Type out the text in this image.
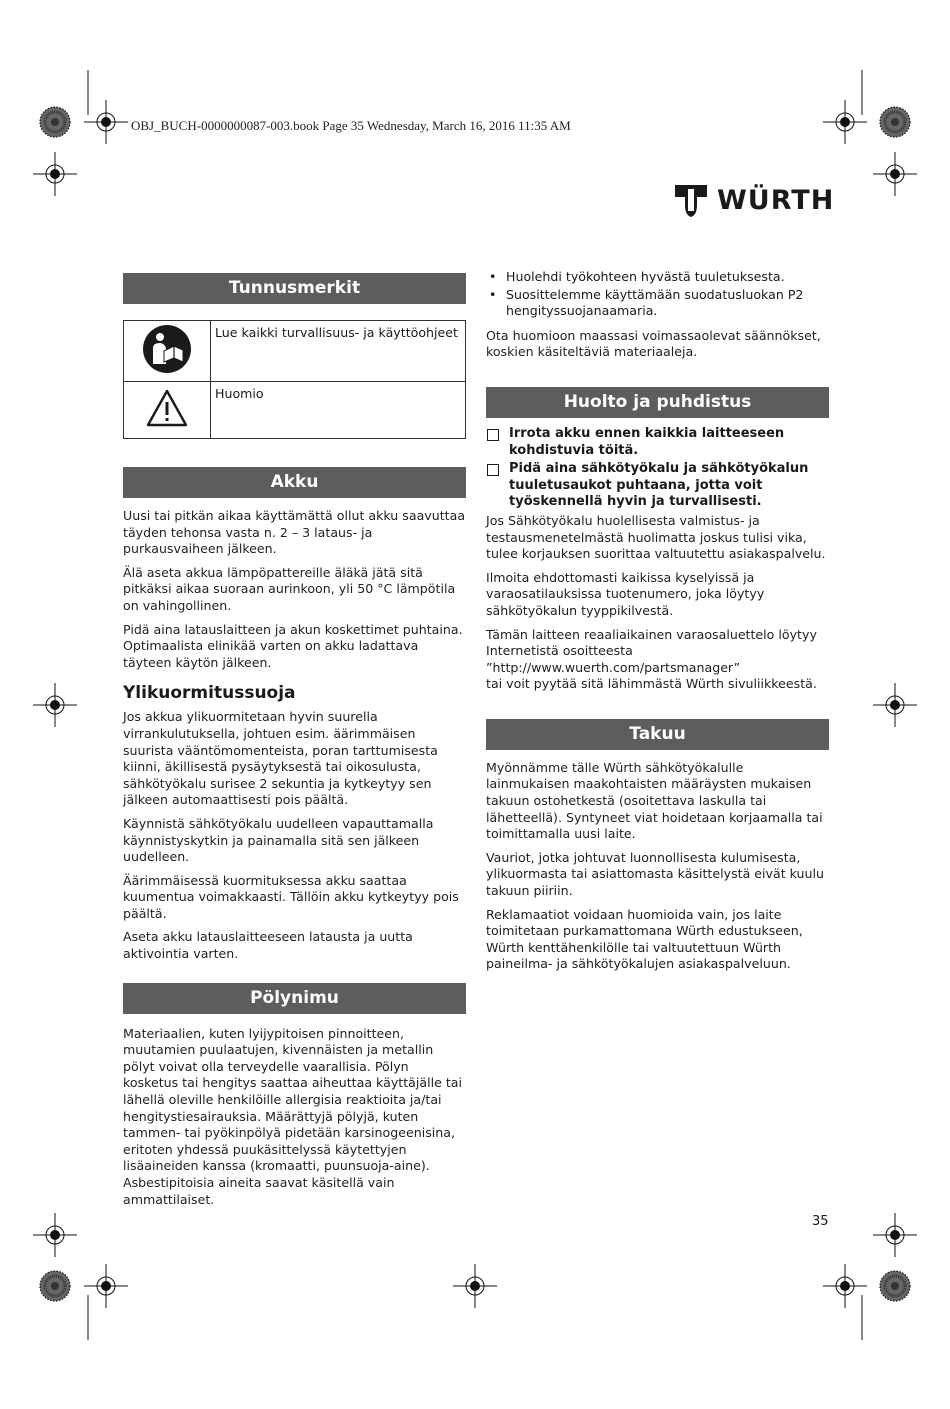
OBJ_BUCH-0000000087-003.book Page 35 Wednesday, March 16, 2016 11:35 AM
WÜRTH
Tunnusmerkit
	Lue kaikki turvallisuus- ja käyttöohjeet
	Huomio
Akku

Uusi tai pitkän aikaa käyttämättä ollut akku saavuttaa täyden tehonsa vasta n. 2 – 3 lataus- ja purkausvaiheen jälkeen.

Älä aseta akkua lämpöpattereille äläkä jätä sitä pitkäksi aikaa suoraan aurinkoon, yli 50 °C lämpötila on vahingollinen.

Pidä aina latauslaitteen ja akun koskettimet puhtaina. Optimaalista elinikää varten on akku ladattava täyteen käytön jälkeen.

Ylikuormitussuoja

Jos akkua ylikuormitetaan hyvin suurella virrankulutuksella, johtuen esim. äärimmäisen suurista vääntömomenteista, poran tarttumisesta kiinni, äkillisestä pysäytyksestä tai oikosulusta, sähkötyökalu surisee 2 sekuntia ja kytkeytyy sen jälkeen automaattisesti pois päältä.

Käynnistä sähkötyökalu uudelleen vapauttamalla käynnistyskytkin ja painamalla sitä sen jälkeen uudelleen.

Äärimmäisessä kuormituksessa akku saattaa kuumentua voimakkaasti. Tällöin akku kytkeytyy pois päältä.

Aseta akku latauslaitteeseen latausta ja uutta aktivointia varten.

Pölynimu

Materiaalien, kuten lyijypitoisen pinnoitteen, muutamien puulaatujen, kivennäisten ja metallin pölyt voivat olla terveydelle vaarallisia. Pölyn kosketus tai hengitys saattaa aiheuttaa käyttäjälle tai lähellä oleville henkilöille allergisia reaktioita ja/tai hengitystiesairauksia. Määrättyjä pölyjä, kuten tammen- tai pyökinpölyä pidetään karsinogeenisina, eritoten yhdessä puukäsittelyssä käytettyjen lisäaineiden kanssa (kromaatti, puunsuoja-aine). Asbestipitoisia aineita saavat käsitellä vain ammattilaiset.

• Huolehdi työkohteen hyvästä tuuletuksesta.
• Suosittelemme käyttämään suodatusluokan P2 hengityssuojanaamaria.

Ota huomioon maassasi voimassaolevat säännökset, koskien käsiteltäviä materiaaleja.

Huolto ja puhdistus
Irrota akku ennen kaikkia laitteeseen kohdistuvia töitä.
Pidä aina sähkötyökalu ja sähkötyökalun tuuletusaukot puhtaana, jotta voit työskennellä hyvin ja turvallisesti.

Jos Sähkötyökalu huolellisesta valmistus- ja testausmenetelmästä huolimatta joskus tulisi vika, tulee korjauksen suorittaa valtuutettu asiakaspalvelu.

Ilmoita ehdottomasti kaikissa kyselyissä ja varaosatilauksissa tuotenumero, joka löytyy sähkötyökalun tyyppikilvestä.

Tämän laitteen reaaliaikainen varaosaluettelo löytyy Internetistä osoitteesta

”http://www.wuerth.com/partsmanager”

tai voit pyytää sitä lähimmästä Würth sivuliikkeestä.

Takuu

Myönnämme tälle Würth sähkötyökalulle lainmukaisen maakohtaisten määräysten mukaisen takuun ostohetkestä (osoitettava laskulla tai lähetteellä). Syntyneet viat hoidetaan korjaamalla tai toimittamalla uusi laite.

Vauriot, jotka johtuvat luonnollisesta kulumisesta, ylikuormasta tai asiattomasta käsittelystä eivät kuulu takuun piiriin.

Reklamaatiot voidaan huomioida vain, jos laite toimitetaan purkamattomana Würth edustukseen, Würth kenttähenkilölle tai valtuutettuun Würth paineilma- ja sähkötyökalujen asiakaspalveluun.

35
